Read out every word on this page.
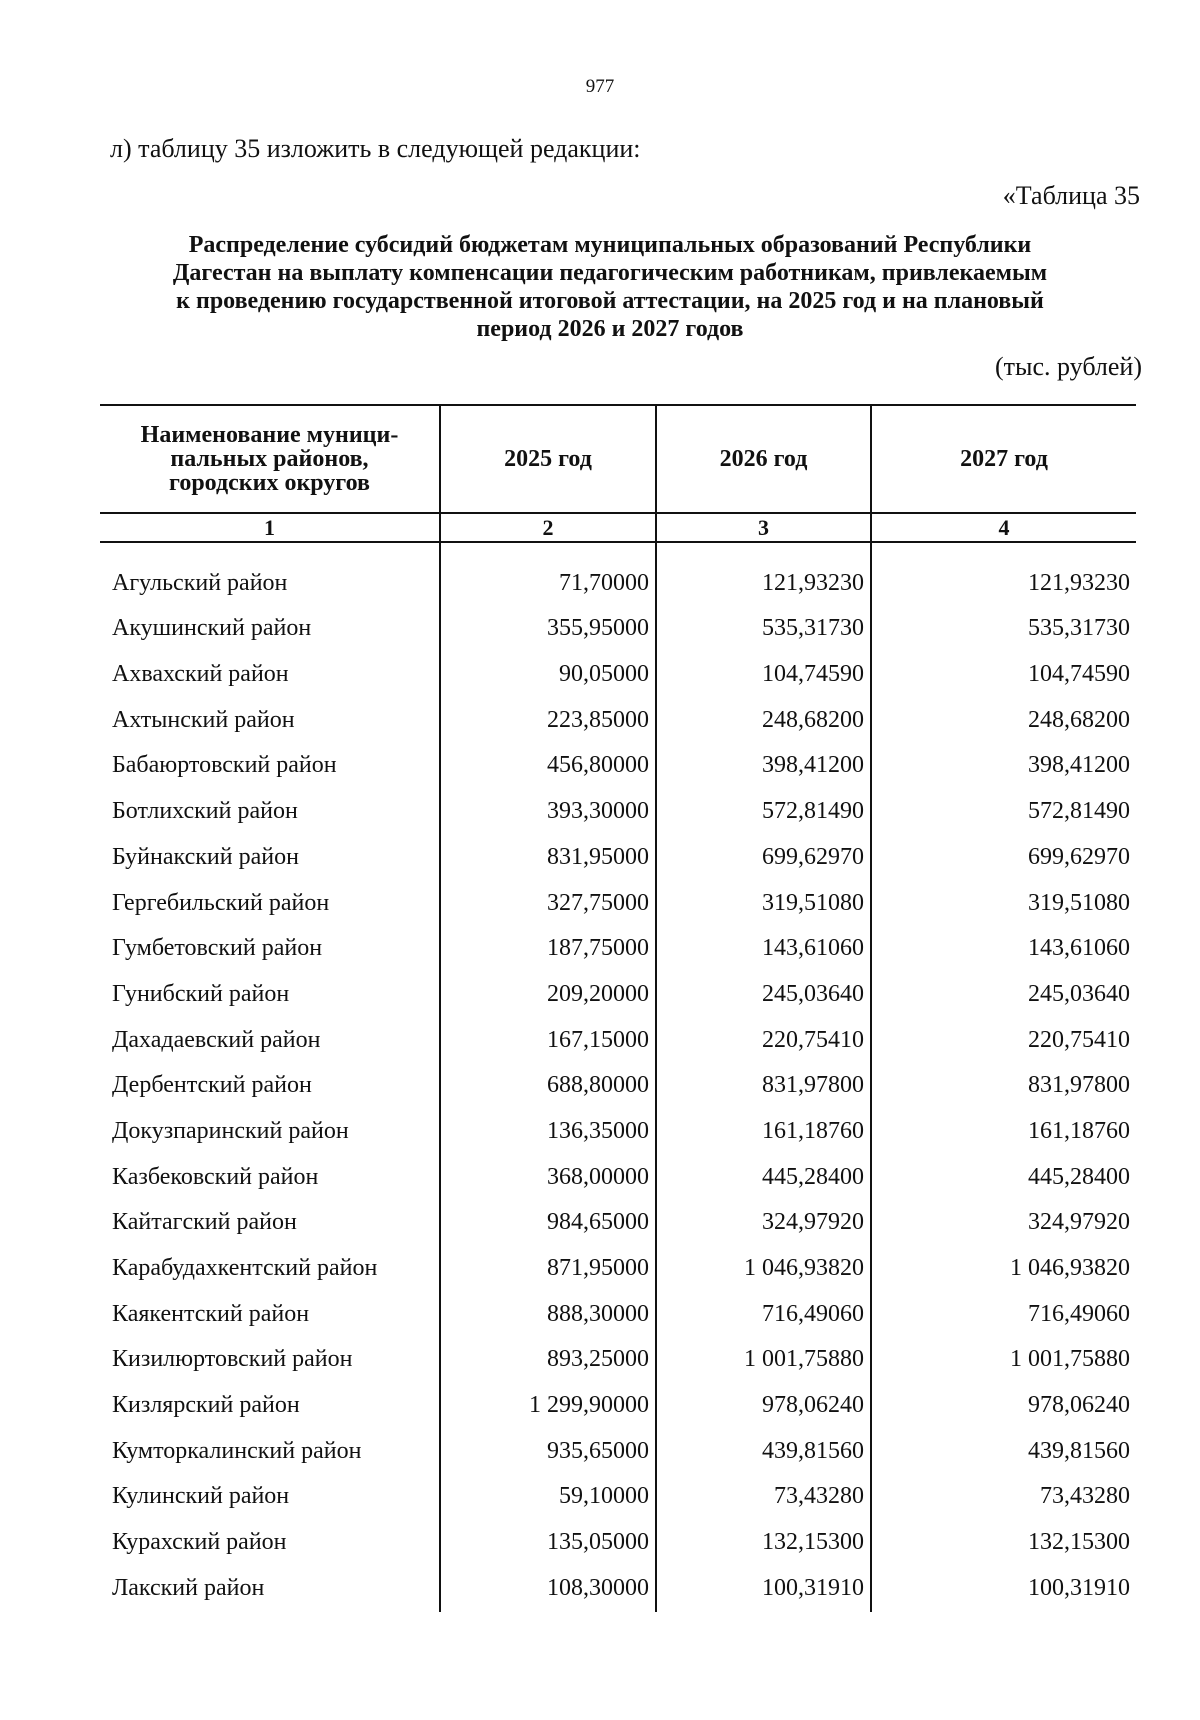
977
л) таблицу 35 изложить в следующей редакции:
«Таблица 35
Распределение субсидий бюджетам муниципальных образований Республики
Дагестан на выплату компенсации педагогическим работникам, привлекаемым
к проведению государственной итоговой аттестации, на 2025 год и на плановый
период 2026 и 2027 годов
(тыс. рублей)
Наименование муници-
пальных районов,
городских округов	2025 год	2026 год	2027 год
1	2	3	4
Агульский район	71,70000	121,93230	121,93230
Акушинский район	355,95000	535,31730	535,31730
Ахвахский район	90,05000	104,74590	104,74590
Ахтынский район	223,85000	248,68200	248,68200
Бабаюртовский район	456,80000	398,41200	398,41200
Ботлихский район	393,30000	572,81490	572,81490
Буйнакский район	831,95000	699,62970	699,62970
Гергебильский район	327,75000	319,51080	319,51080
Гумбетовский район	187,75000	143,61060	143,61060
Гунибский район	209,20000	245,03640	245,03640
Дахадаевский район	167,15000	220,75410	220,75410
Дербентский район	688,80000	831,97800	831,97800
Докузпаринский район	136,35000	161,18760	161,18760
Казбековский район	368,00000	445,28400	445,28400
Кайтагский район	984,65000	324,97920	324,97920
Карабудахкентский район	871,95000	1 046,93820	1 046,93820
Каякентский район	888,30000	716,49060	716,49060
Кизилюртовский район	893,25000	1 001,75880	1 001,75880
Кизлярский район	1 299,90000	978,06240	978,06240
Кумторкалинский район	935,65000	439,81560	439,81560
Кулинский район	59,10000	73,43280	73,43280
Курахский район	135,05000	132,15300	132,15300
Лакский район	108,30000	100,31910	100,31910
